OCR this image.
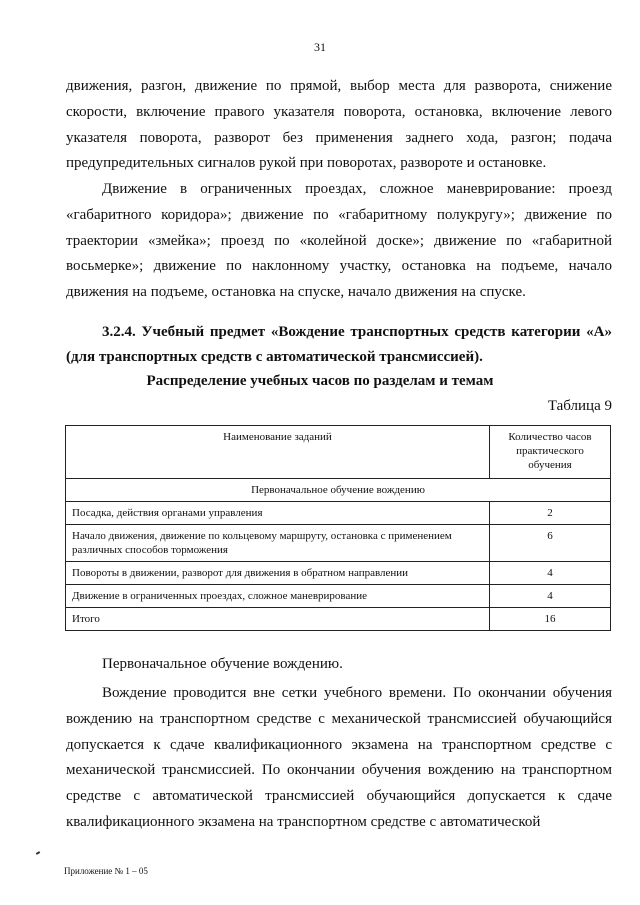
31

движения, разгон, движение по прямой, выбор места для разворота, снижение скорости, включение правого указателя поворота, остановка, включение левого указателя поворота, разворот без применения заднего хода, разгон; подача предупредительных сигналов рукой при поворотах, развороте и остановке.

Движение в ограниченных проездах, сложное маневрирование: проезд «габаритного коридора»; движение по «габаритному полукругу»; движение по траектории «змейка»; проезд по «колейной доске»; движение по «габаритной восьмерке»; движение по наклонному участку, остановка на подъеме, начало движения на подъеме, остановка на спуске, начало движения на спуске.

3.2.4. Учебный предмет «Вождение транспортных средств категории «А» (для транспортных средств с автоматической трансмиссией).

Распределение учебных часов по разделам и темам

Таблица 9
Наименование заданий	Количество часов практического обучения
Первоначальное обучение вождению	
Посадка, действия органами управления	2
Начало движения, движение по кольцевому маршруту, остановка с применением различных способов торможения	6
Повороты в движении, разворот для движения в обратном направлении	4
Движение в ограниченных проездах, сложное маневрирование	4
Итого	16

Первоначальное обучение вождению.

Вождение проводится вне сетки учебного времени. По окончании обучения вождению на транспортном средстве с механической трансмиссией обучающийся допускается к сдаче квалификационного экзамена на транспортном средстве с механической трансмиссией. По окончании обучения вождению на транспортном средстве с автоматической трансмиссией обучающийся допускается к сдаче квалификационного экзамена на транспортном средстве с автоматической

Приложение № 1 – 05
